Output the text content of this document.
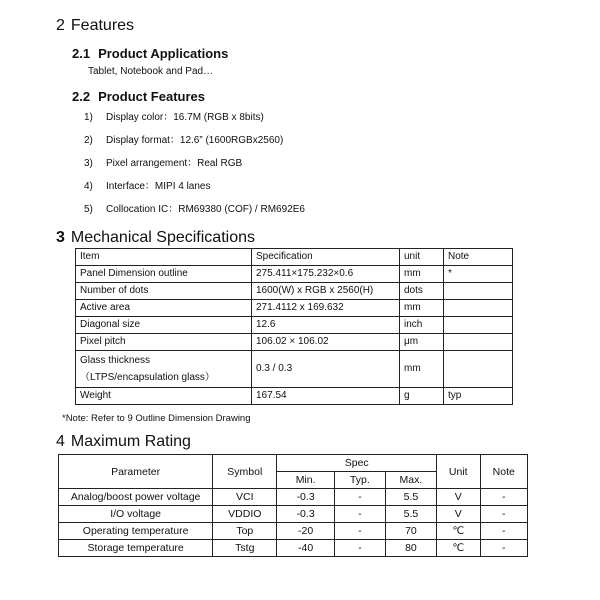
2 Features
2.1 Product Applications
Tablet, Notebook and Pad…
2.2 Product Features
1) Display color：16.7M (RGB x 8bits)
2) Display format：12.6” (1600RGBx2560)
3) Pixel arrangement：Real RGB
4) Interface：MIPI 4 lanes
5) Collocation IC：RM69380 (COF) / RM692E6
3 Mechanical Specifications
Item	Specification	unit	Note
Panel Dimension outline	275.411×175.232×0.6	mm	*
Number of dots	1600(W) x RGB x 2560(H)	dots	
Active area	271.4112 x 169.632	mm	
Diagonal size	12.6	inch	
Pixel pitch	106.02 × 106.02	μm	

Glass thickness
（LTPS/encapsulation glass）	0.3 / 0.3	mm	
Weight	167.54	g	typ
*Note: Refer to 9 Outline Dimension Drawing
4 Maximum Rating
Parameter	Symbol	Spec			Unit	Note
		Min.	Typ.	Max.		
Analog/boost power voltage	VCI	-0.3	-	5.5	V	-
I/O voltage	VDDIO	-0.3	-	5.5	V	-
Operating temperature	Top	-20	-	70	℃	-
Storage temperature	Tstg	-40	-	80	℃	-
